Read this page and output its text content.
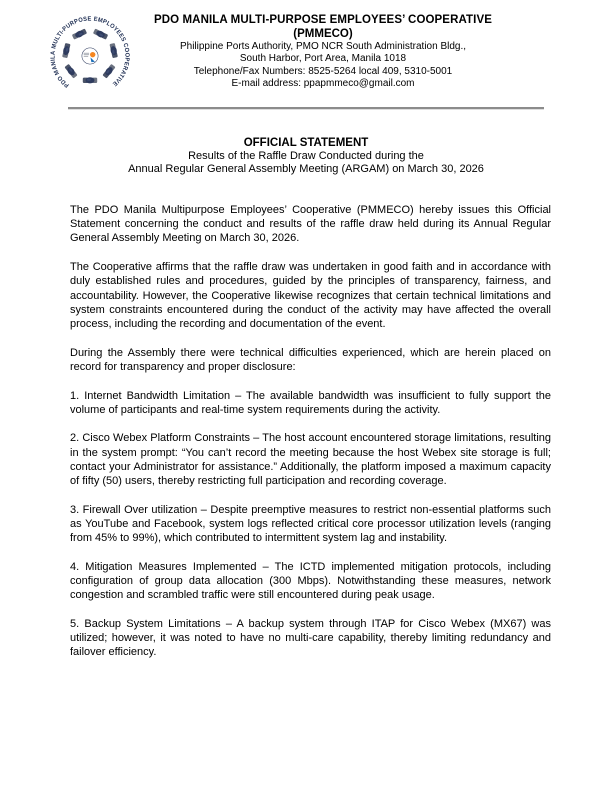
PDO MANILA MULTI-PURPOSE EMPLOYEES COOPERATIVE
PDO MANILA MULTI-PURPOSE EMPLOYEES’ COOPERATIVE
(PMMECO)
Philippine Ports Authority, PMO NCR South Administration Bldg.,
South Harbor, Port Area, Manila 1018
Telephone/Fax Numbers: 8525-5264 local 409, 5310-5001
E-mail address: ppapmmeco@gmail.com
OFFICIAL STATEMENT
Results of the Raffle Draw Conducted during the
Annual Regular General Assembly Meeting (ARGAM) on March 30, 2026

The PDO Manila Multipurpose Employees’ Cooperative (PMMECO) hereby issues this Official Statement concerning the conduct and results of the raffle draw held during its Annual Regular General Assembly Meeting on March 30, 2026.

The Cooperative affirms that the raffle draw was undertaken in good faith and in accordance with duly established rules and procedures, guided by the principles of transparency, fairness, and accountability. However, the Cooperative likewise recognizes that certain technical limitations and system constraints encountered during the conduct of the activity may have affected the overall process, including the recording and documentation of the event.

During the Assembly there were technical difficulties experienced, which are herein placed on record for transparency and proper disclosure:

1. Internet Bandwidth Limitation – The available bandwidth was insufficient to fully support the volume of participants and real-time system requirements during the activity.

2. Cisco Webex Platform Constraints – The host account encountered storage limitations, resulting in the system prompt: “You can’t record the meeting because the host Webex site storage is full; contact your Administrator for assistance.” Additionally, the platform imposed a maximum capacity of fifty (50) users, thereby restricting full participation and recording coverage.

3. Firewall Over utilization – Despite preemptive measures to restrict non-essential platforms such as YouTube and Facebook, system logs reflected critical core processor utilization levels (ranging from 45% to 99%), which contributed to intermittent system lag and instability.

4. Mitigation Measures Implemented – The ICTD implemented mitigation protocols, including configuration of group data allocation (300 Mbps). Notwithstanding these measures, network congestion and scrambled traffic were still encountered during peak usage.

5. Backup System Limitations – A backup system through ITAP for Cisco Webex (MX67) was utilized; however, it was noted to have no multi-care capability, thereby limiting redundancy and failover efficiency.
